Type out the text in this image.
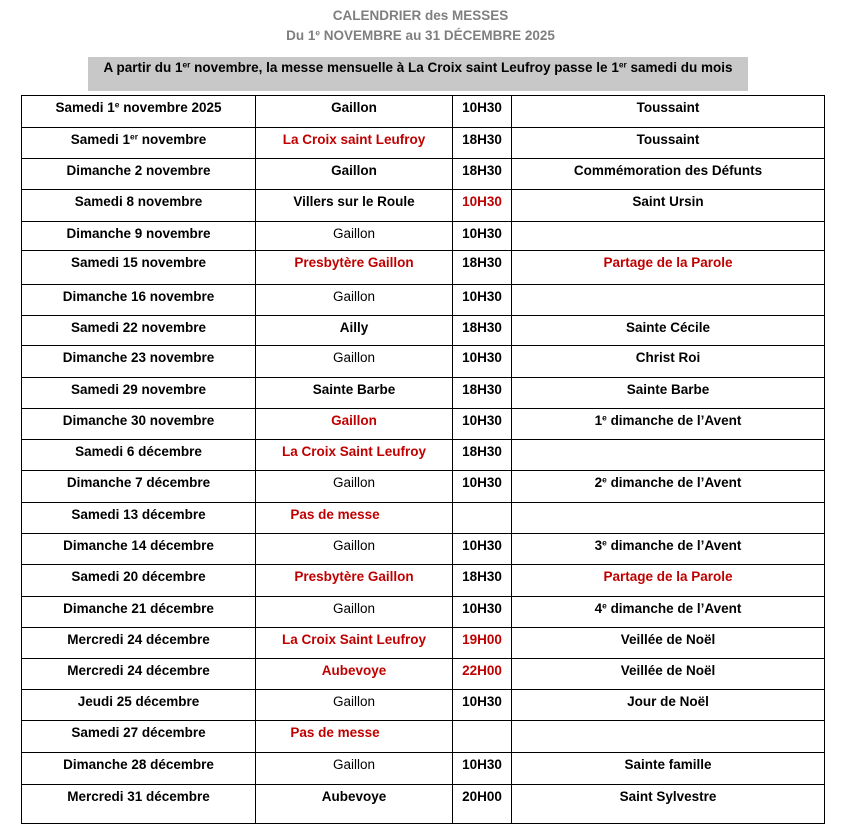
CALENDRIER des MESSES
Du 1e NOVEMBRE au 31 DÉCEMBRE 2025
A partir du 1er novembre, la messe mensuelle à La Croix saint Leufroy passe le 1er samedi du mois
Samedi 1e novembre 2025	Gaillon	10H30	Toussaint
Samedi 1er novembre	La Croix saint Leufroy	18H30	Toussaint
Dimanche 2 novembre	Gaillon	18H30	Commémoration des Défunts
Samedi 8 novembre	Villers sur le Roule	10H30	Saint Ursin
Dimanche 9 novembre	Gaillon	10H30	
Samedi 15 novembre	Presbytère Gaillon	18H30	Partage de la Parole
Dimanche 16 novembre	Gaillon	10H30	
Samedi 22 novembre	Ailly	18H30	Sainte Cécile
Dimanche 23 novembre	Gaillon	10H30	Christ Roi
Samedi 29 novembre	Sainte Barbe	18H30	Sainte Barbe
Dimanche 30 novembre	Gaillon	10H30	1e dimanche de l’Avent
Samedi 6 décembre	La Croix Saint Leufroy	18H30	
Dimanche 7 décembre	Gaillon	10H30	2e dimanche de l’Avent
Samedi 13 décembre	Pas de messe		
Dimanche 14 décembre	Gaillon	10H30	3e dimanche de l’Avent
Samedi 20 décembre	Presbytère Gaillon	18H30	Partage de la Parole
Dimanche 21 décembre	Gaillon	10H30	4e dimanche de l’Avent
Mercredi 24 décembre	La Croix Saint Leufroy	19H00	Veillée de Noël
Mercredi 24 décembre	Aubevoye	22H00	Veillée de Noël
Jeudi 25 décembre	Gaillon	10H30	Jour de Noël
Samedi 27 décembre	Pas de messe		
Dimanche 28 décembre	Gaillon	10H30	Sainte famille
Mercredi 31 décembre	Aubevoye	20H00	Saint Sylvestre
